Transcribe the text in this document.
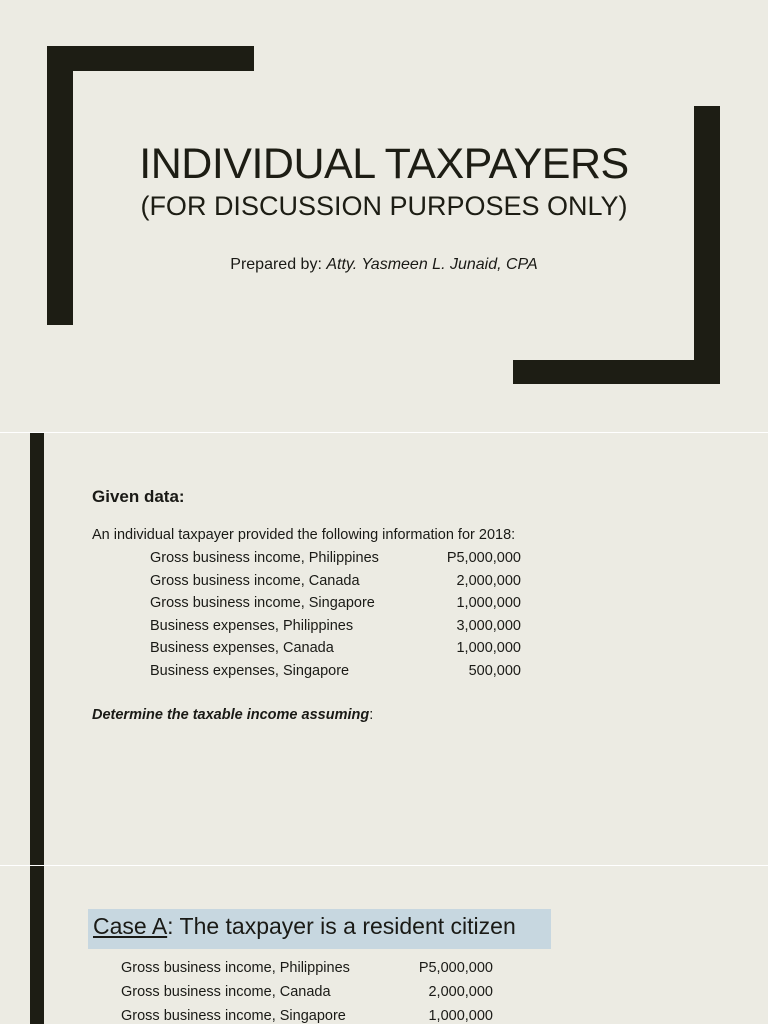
INDIVIDUAL TAXPAYERS
(FOR DISCUSSION PURPOSES ONLY)
Prepared by: Atty. Yasmeen L. Junaid, CPA
Given data:
An individual taxpayer provided the following information for 2018:
Gross business income, Philippines	P5,000,000
Gross business income, Canada	2,000,000
Gross business income, Singapore	1,000,000
Business expenses, Philippines	3,000,000
Business expenses, Canada	1,000,000
Business expenses, Singapore	500,000
Determine the taxable income assuming:
Case A: The taxpayer is a resident citizen
Gross business income, Philippines	P5,000,000
Gross business income, Canada	2,000,000
Gross business income, Singapore	1,000,000
